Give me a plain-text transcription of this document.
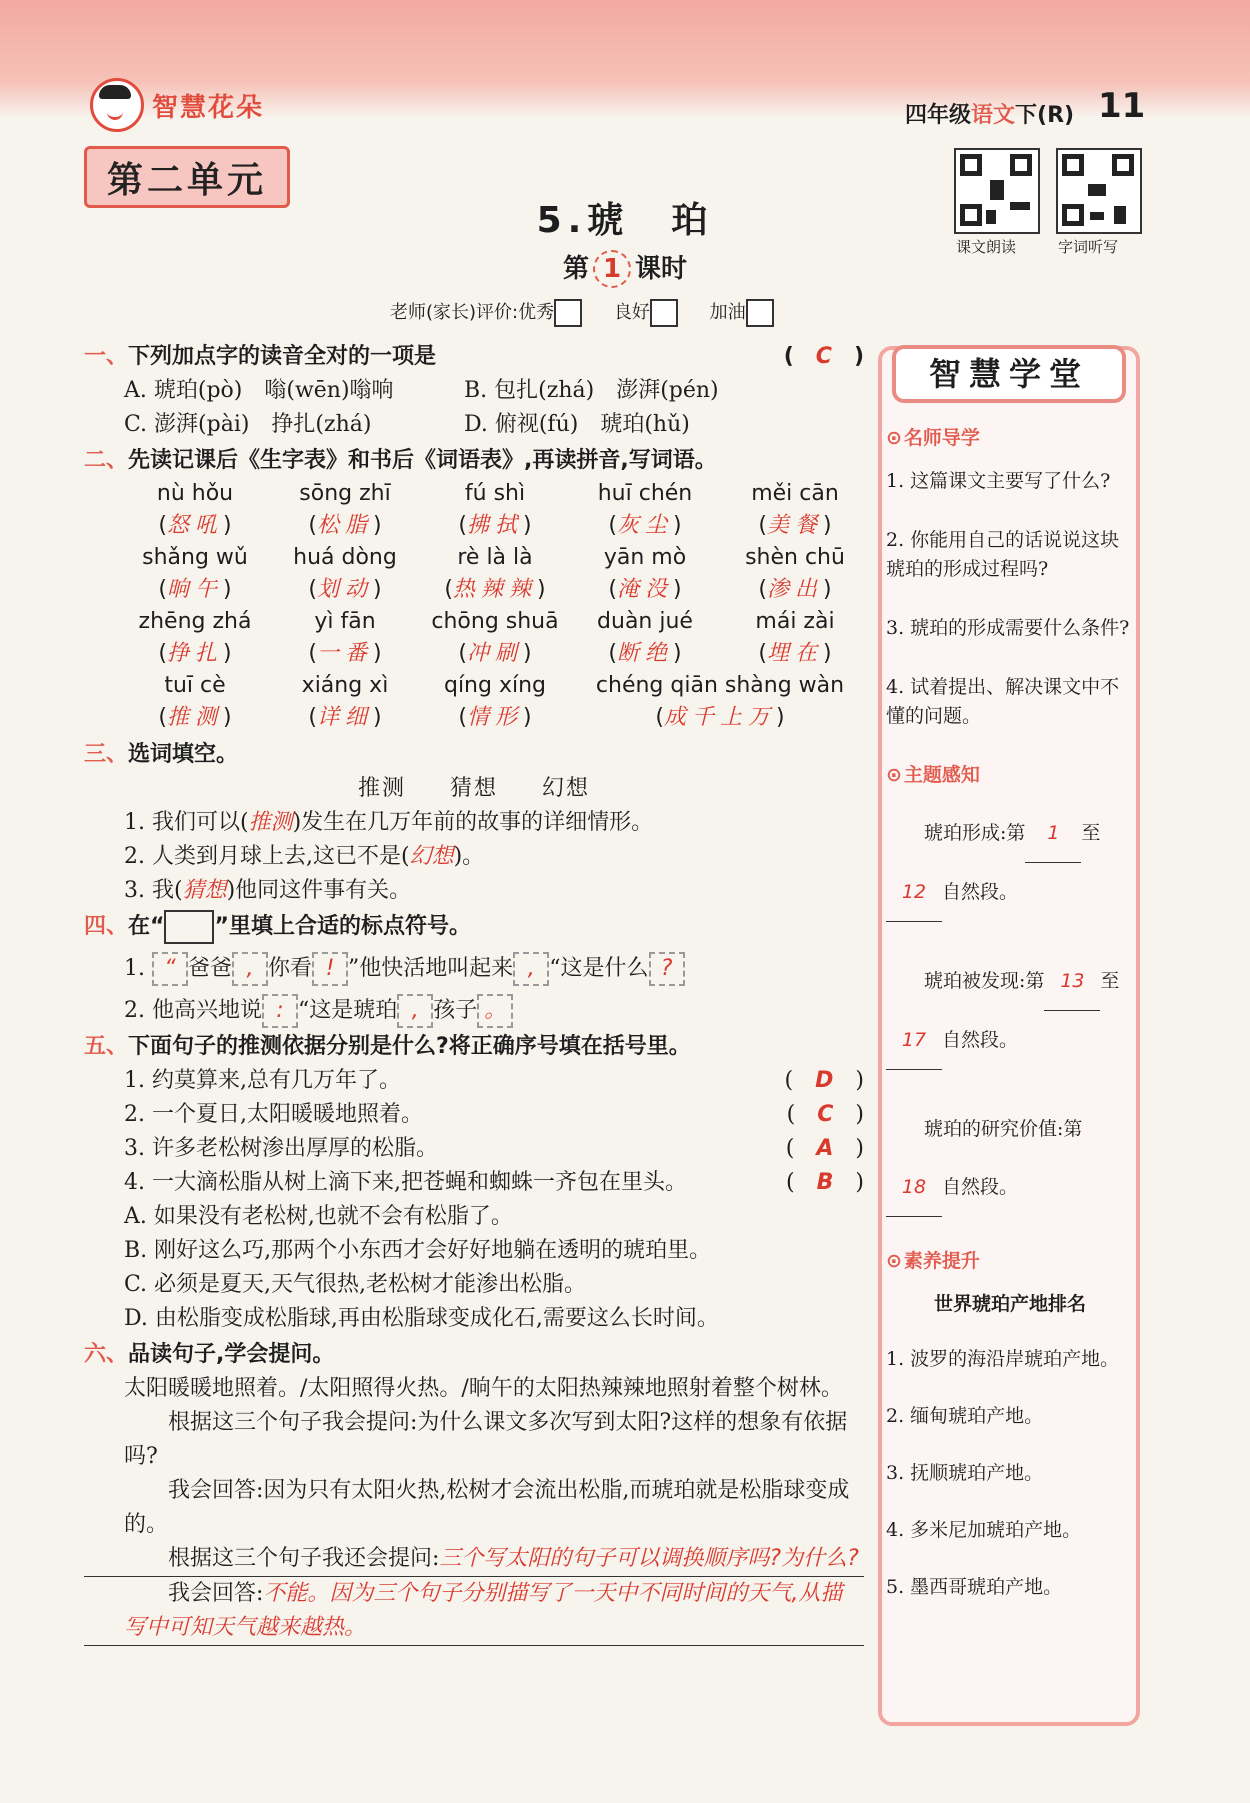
智慧花朵
第二单元
四年级语文下(R) 11
课文朗读	字词听写
5.琥　珀
第 1 课时
老师(家长)评价:优秀	良好	加油
一、下列加点字的读音全对的一项是	(　C　)
A. 琥珀(pò)　嗡(wēn)嗡响	B. 包扎(zhá)　澎湃(pén)
C. 澎湃(pài)　挣扎(zhá)	D. 俯视(fú)　琥珀(hǔ)
二、先读记课后《生字表》和书后《词语表》,再读拼音,写词语。
nù hǒu	sōng zhī	fú shì	huī chén	měi cān
(怒吼)	(松脂)	(拂拭)	(灰尘)	(美餐)
shǎng wǔ	huá dòng	rè là là	yān mò	shèn chū
(晌午)	(划动)	(热辣辣)	(淹没)	(渗出)
zhēng zhá	yì fān	chōng shuā	duàn jué	mái zài
(挣扎)	(一番)	(冲刷)	(断绝)	(埋在)
tuī cè	xiáng xì	qíng xíng	chéng qiān shàng wàn
(推测)	(详细)	(情形)	(成千上万)
三、选词填空。
推测 猜想 幻想
1. 我们可以(推测)发生在几万年前的故事的详细情形。
2. 人类到月球上去,这已不是(幻想)。
3. 我(猜想)他同这件事有关。
四、在“ ”里填上合适的标点符号。
1. “ 爸爸 , 你看 ! ”他快活地叫起来 , “这是什么 ?
2. 他高兴地说 : “这是琥珀 , 孩子 。
五、下面句子的推测依据分别是什么?将正确序号填在括号里。
1. 约莫算来,总有几万年了。	(　D　)
2. 一个夏日,太阳暖暖地照着。	(　C　)
3. 许多老松树渗出厚厚的松脂。	(　A　)
4. 一大滴松脂从树上滴下来,把苍蝇和蜘蛛一齐包在里头。	(　B　)
A. 如果没有老松树,也就不会有松脂了。
B. 刚好这么巧,那两个小东西才会好好地躺在透明的琥珀里。
C. 必须是夏天,天气很热,老松树才能渗出松脂。
D. 由松脂变成松脂球,再由松脂球变成化石,需要这么长时间。
六、品读句子,学会提问。
太阳暖暖地照着。/太阳照得火热。/晌午的太阳热辣辣地照射着整个树林。
根据这三个句子我会提问:为什么课文多次写到太阳?这样的想象有依据吗?
我会回答:因为只有太阳火热,松树才会流出松脂,而琥珀就是松脂球变成的。
根据这三个句子我还会提问:三个写太阳的句子可以调换顺序吗?为什么?
我会回答:不能。因为三个句子分别描写了一天中不同时间的天气,从描写中可知天气越来越热。
智慧学堂
⊙ 名师导学
1. 这篇课文主要写了什么?
2. 你能用自己的话说说这块琥珀的形成过程吗?
3. 琥珀的形成需要什么条件?
4. 试着提出、解决课文中不懂的问题。
⊙ 主题感知
琥珀形成:第 1 至 12 自然段。
琥珀被发现:第 13 至 17 自然段。
琥珀的研究价值:第18 自然段。
⊙ 素养提升
世界琥珀产地排名
1. 波罗的海沿岸琥珀产地。
2. 缅甸琥珀产地。
3. 抚顺琥珀产地。
4. 多米尼加琥珀产地。
5. 墨西哥琥珀产地。
